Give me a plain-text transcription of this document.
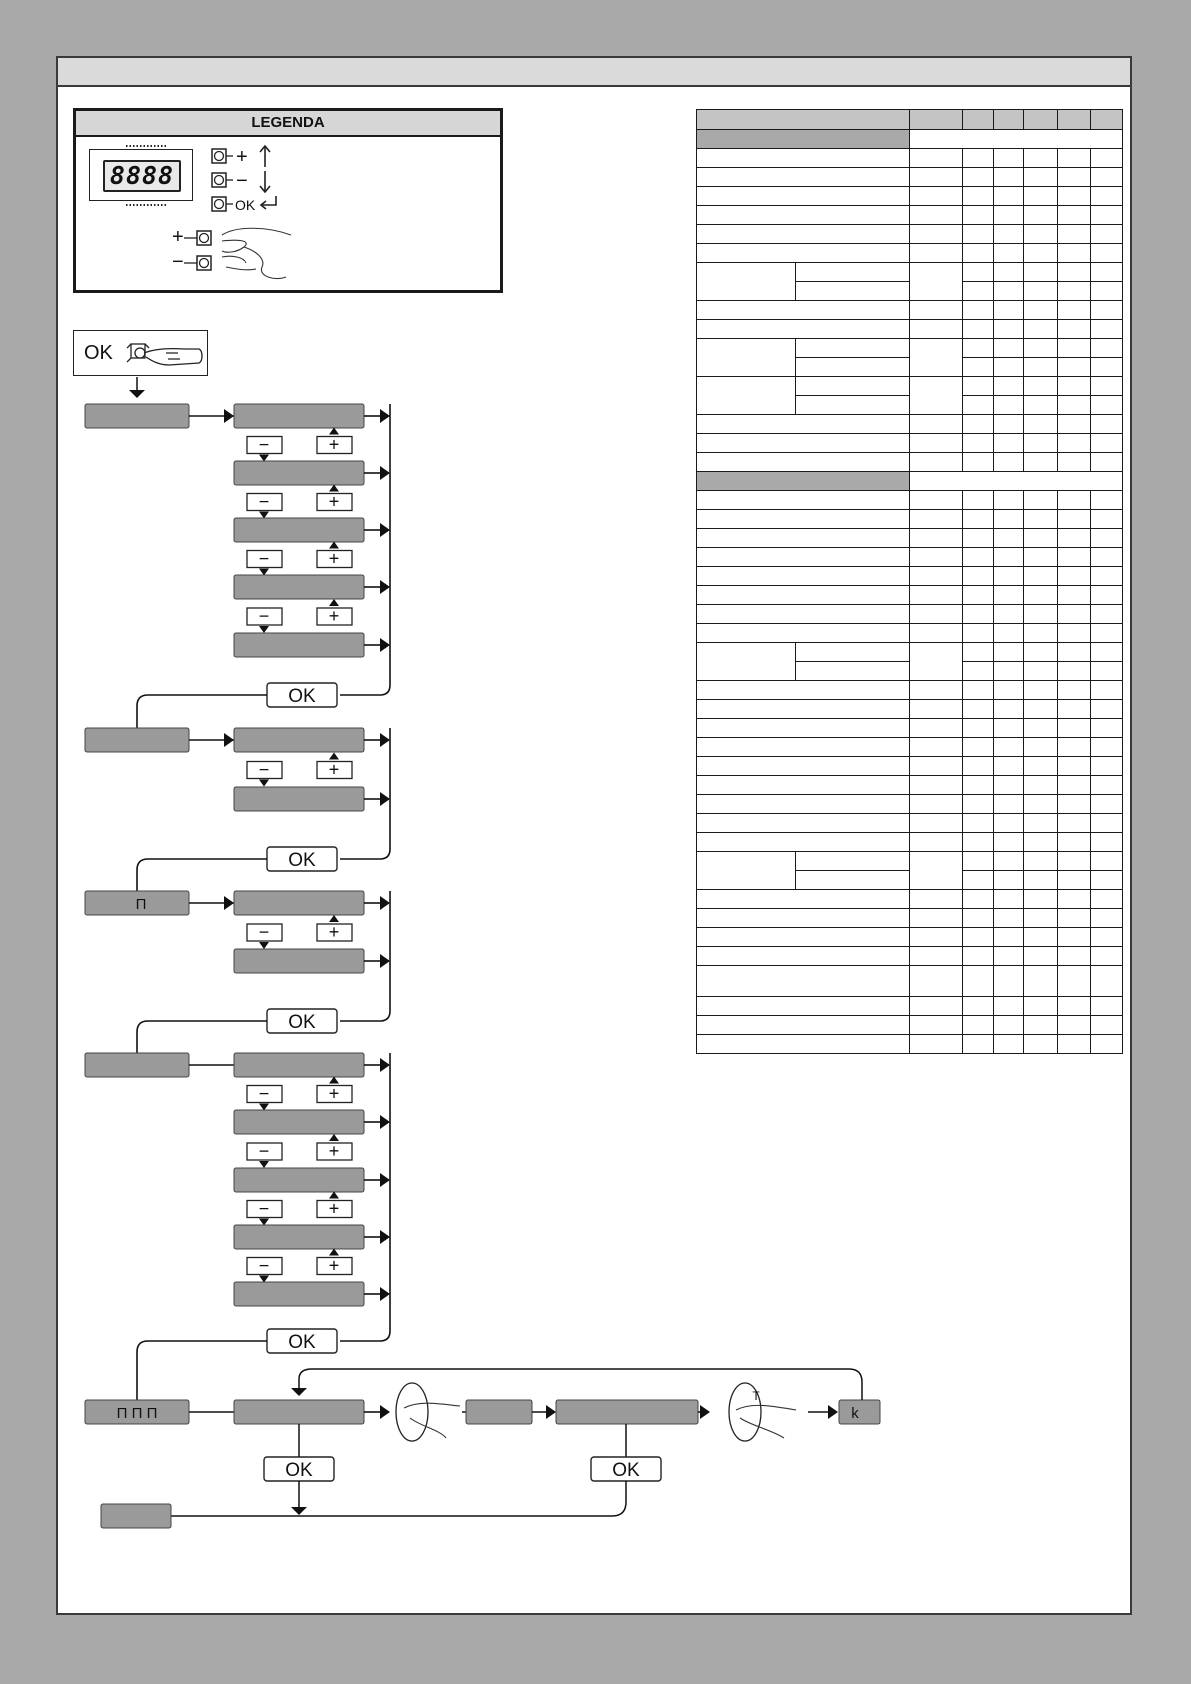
LEGENDA
8888
+
−
OK
+
−
OK
−	+
−	+
−	+
−	+
OK
−	+
OK
Π
−	+
OK
−	+
−	+
−	+
−	+
OK
Π Π Π
T
k
OK	OK
